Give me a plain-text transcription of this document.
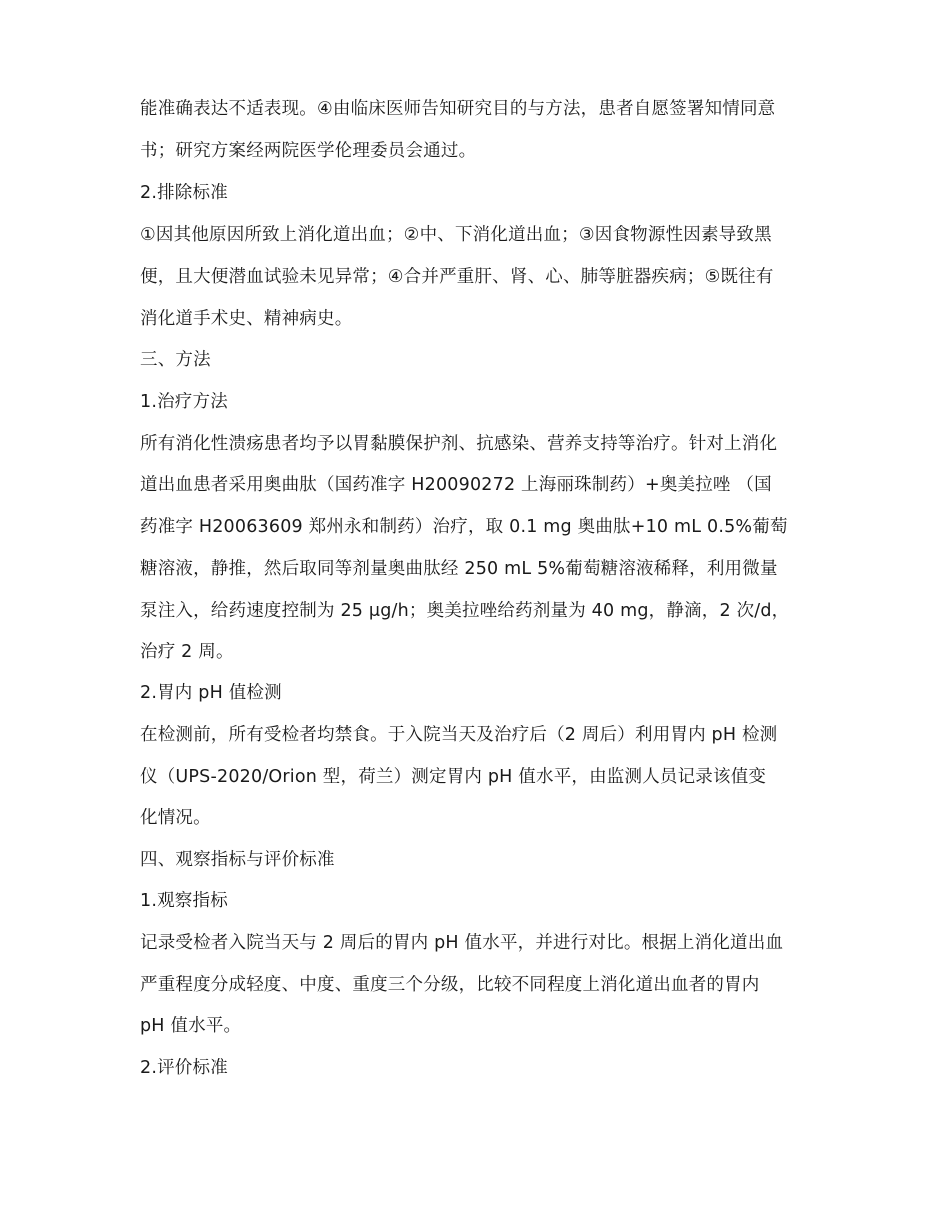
能准确表达不适表现。④由临床医师告知研究目的与方法，患者自愿签署知情同意
书；研究方案经两院医学伦理委员会通过。
2.排除标准
①因其他原因所致上消化道出血；②中、下消化道出血；③因食物源性因素导致黑
便，且大便潜血试验未见异常；④合并严重肝、肾、心、肺等脏器疾病；⑤既往有
消化道手术史、精神病史。
三、方法
1.治疗方法
所有消化性溃疡患者均予以胃黏膜保护剂、抗感染、营养支持等治疗。针对上消化
道出血患者采用奥曲肽（国药准字 H20090272 上海丽珠制药）+奥美拉唑 （国
药准字 H20063609 郑州永和制药）治疗，取 0.1 mg 奥曲肽+10 mL 0.5%葡萄
糖溶液，静推，然后取同等剂量奥曲肽经 250 mL 5%葡萄糖溶液稀释，利用微量
泵注入，给药速度控制为 25 μg/h；奥美拉唑给药剂量为 40 mg，静滴，2 次/d，
治疗 2 周。
2.胃内 pH 值检测
在检测前，所有受检者均禁食。于入院当天及治疗后（2 周后）利用胃内 pH 检测
仪（UPS-2020/Orion 型，荷兰）测定胃内 pH 值水平，由监测人员记录该值变
化情况。
四、观察指标与评价标准
1.观察指标
记录受检者入院当天与 2 周后的胃内 pH 值水平，并进行对比。根据上消化道出血
严重程度分成轻度、中度、重度三个分级，比较不同程度上消化道出血者的胃内
pH 值水平。
2.评价标准
